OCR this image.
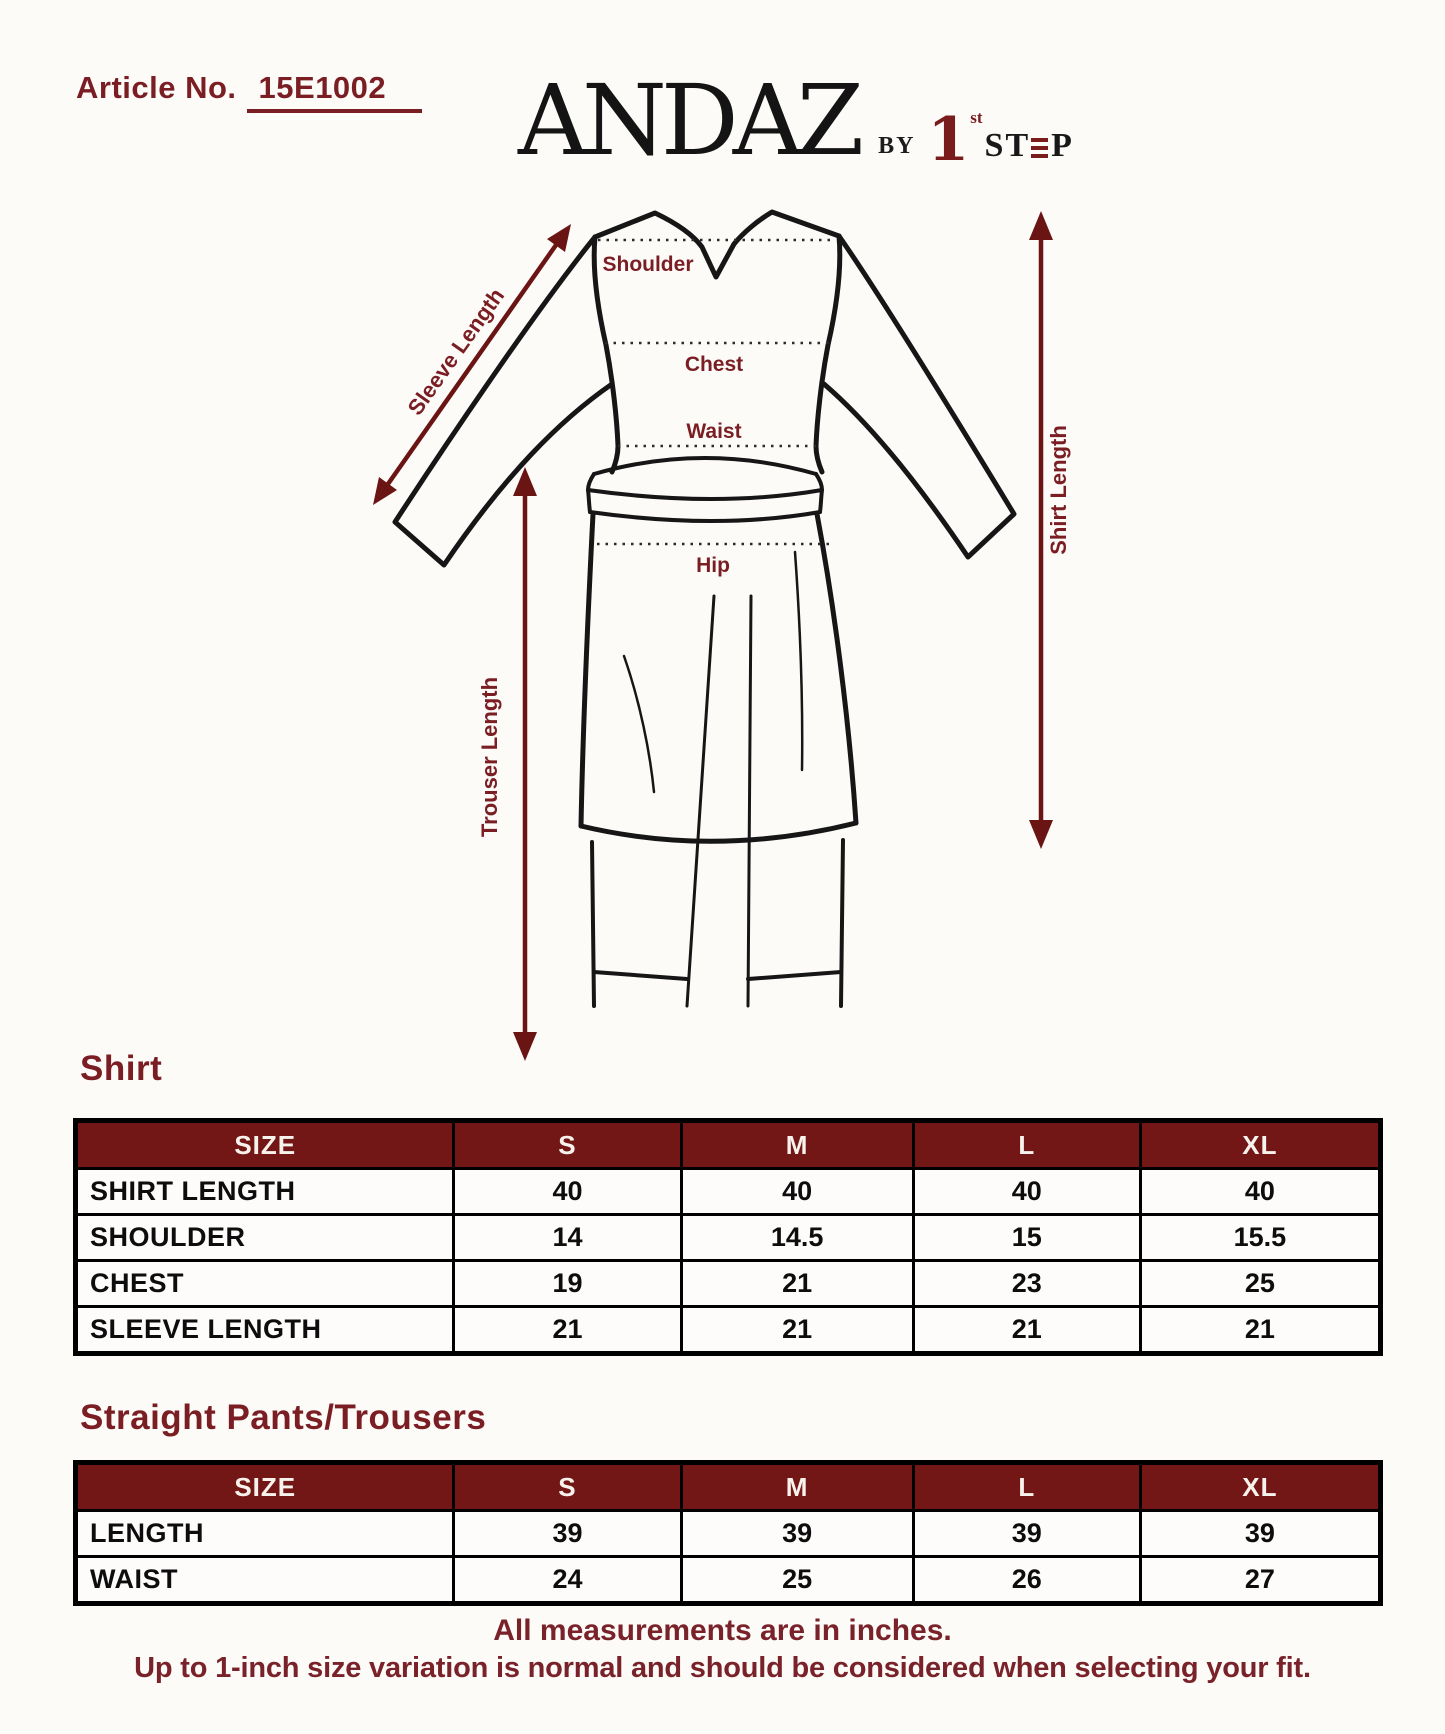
Article No. 15E1002	ANDAZ BY 1 st
ST P
Shoulder
Chest
Waist
Hip
Sleeve Length
Shirt Length
Trouser Length
Shirt
SIZE	S	M	L	XL
SHIRT LENGTH	40	40	40	40
SHOULDER	14	14.5	15	15.5
CHEST	19	21	23	25
SLEEVE LENGTH	21	21	21	21
Straight Pants/Trousers
SIZE	S	M	L	XL
LENGTH	39	39	39	39
WAIST	24	25	26	27
All measurements are in inches.
Up to 1-inch size variation is normal and should be considered when selecting your fit.
